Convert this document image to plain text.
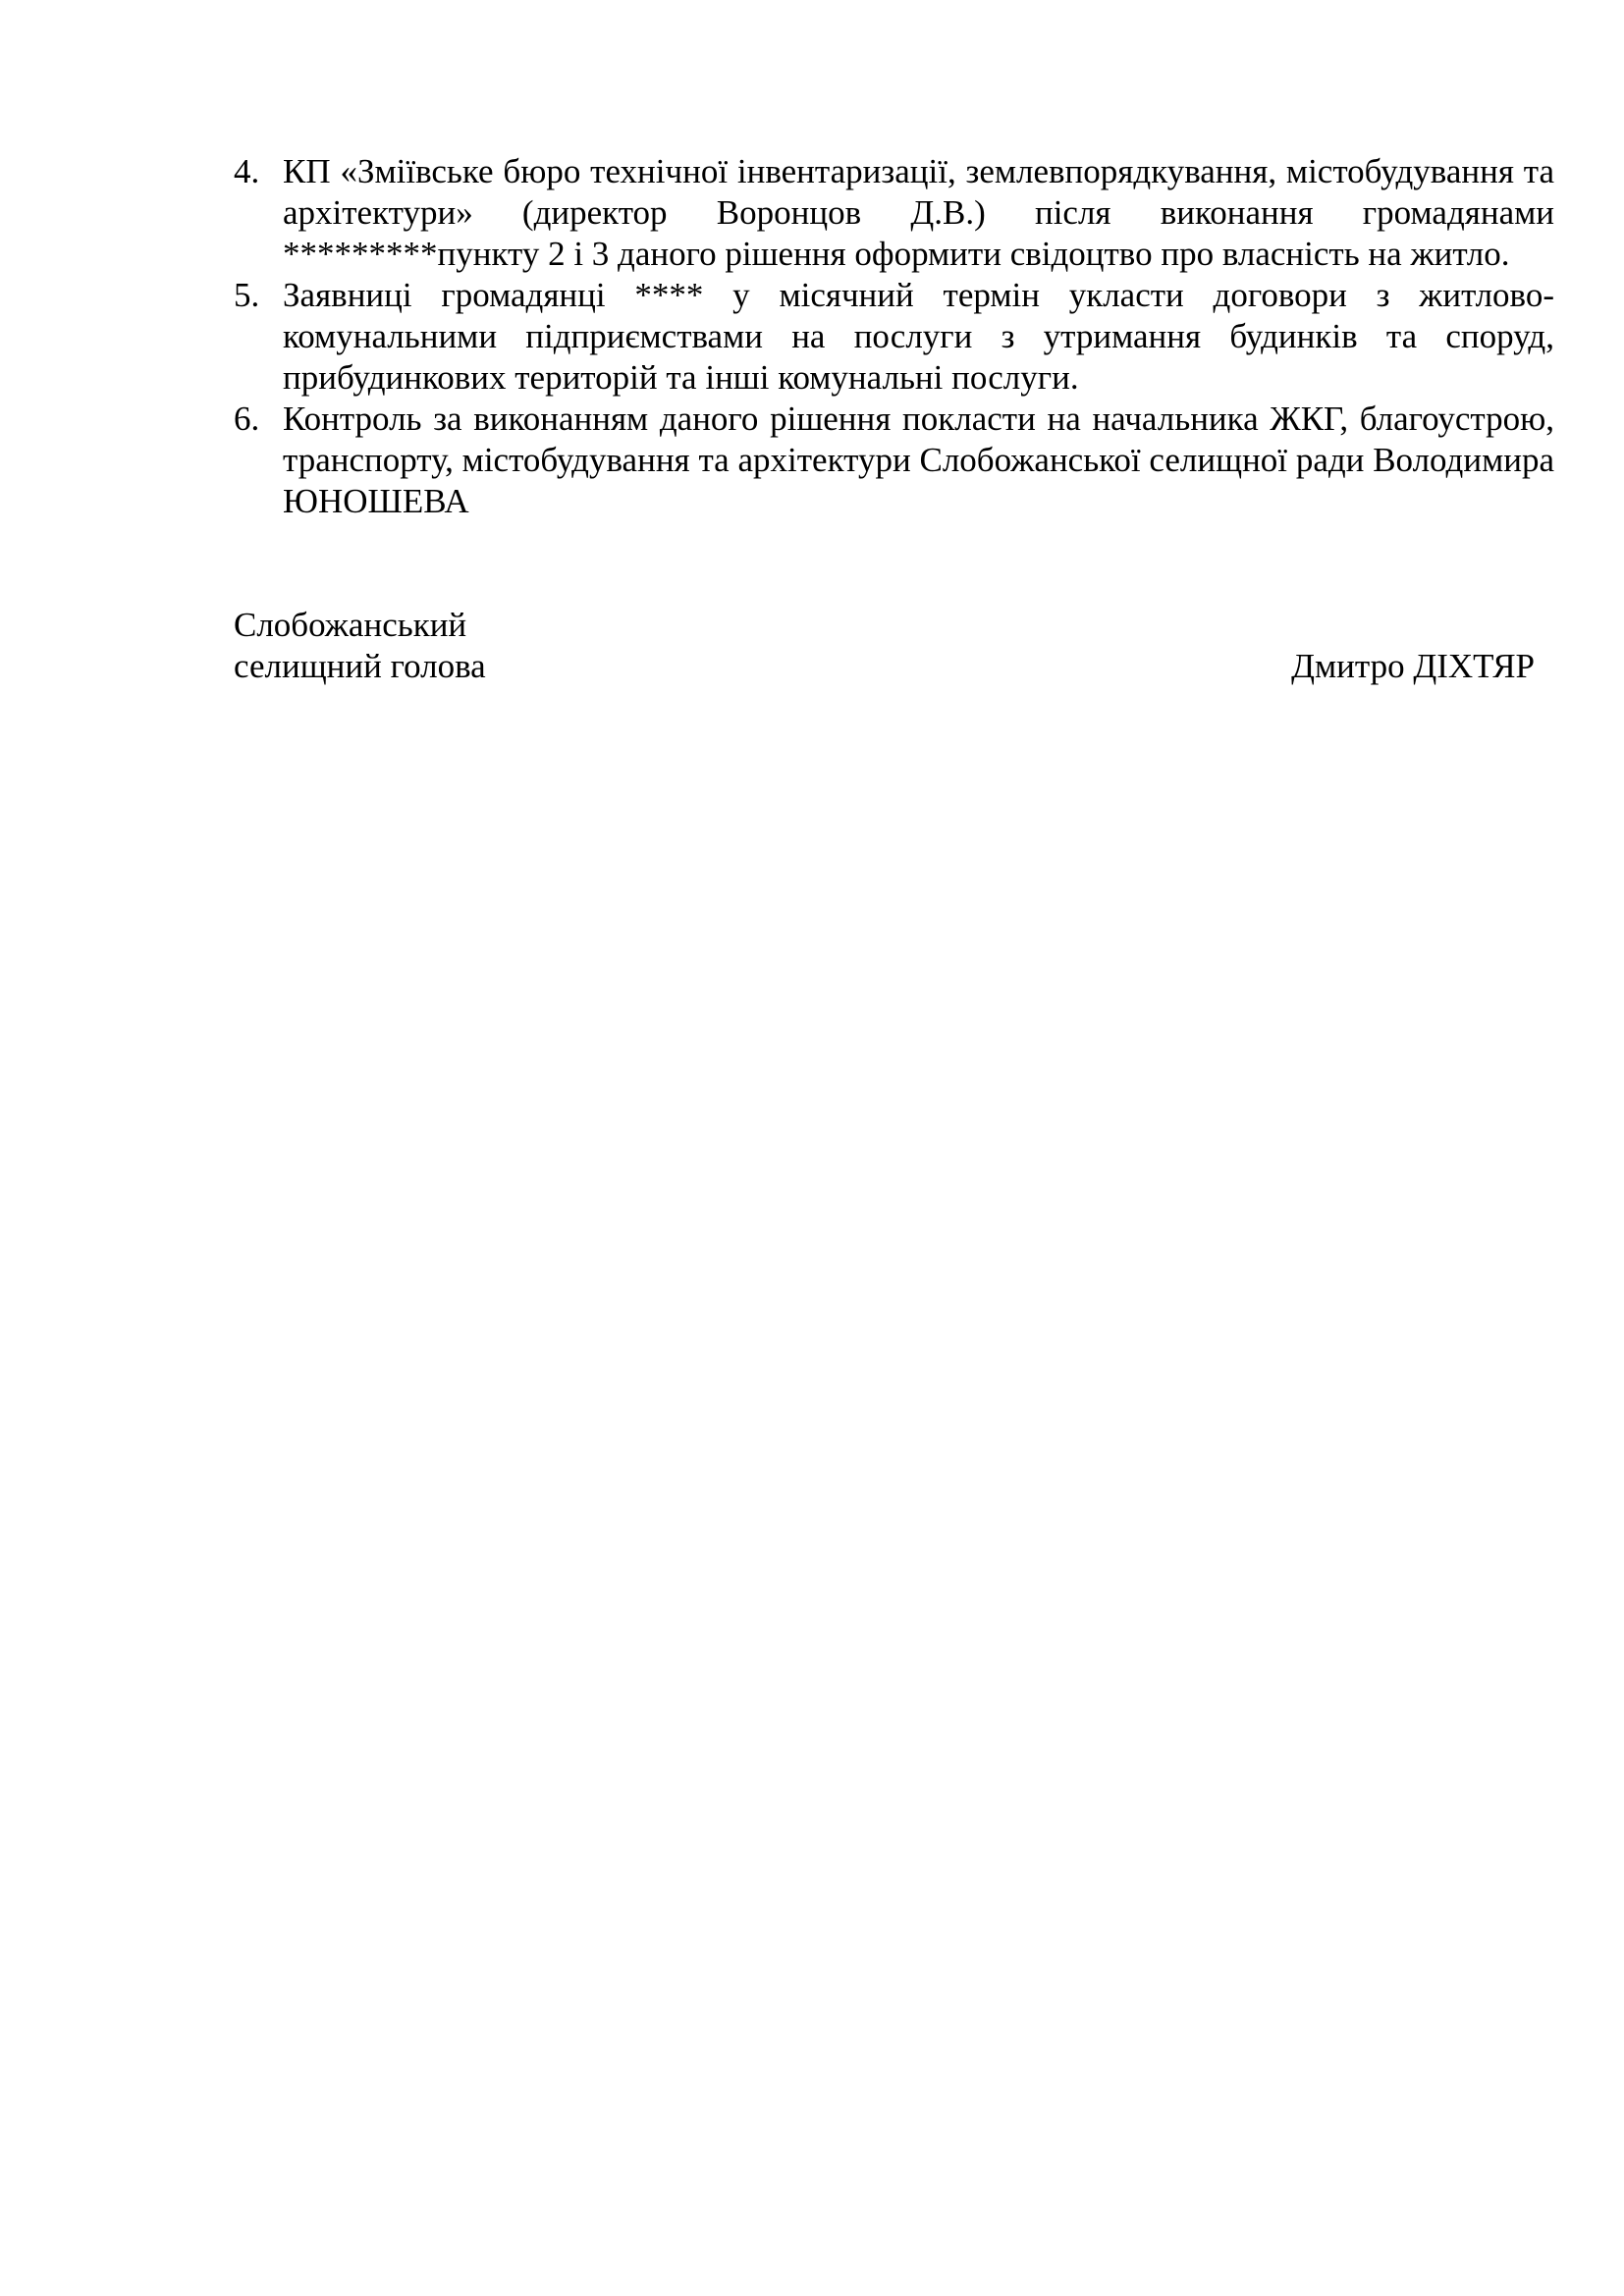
4. КП «Зміївське бюро технічної інвентаризації, землевпорядкування, містобудування та архітектури» (директор Воронцов Д.В.) після виконання громадянами *********пункту 2 і 3 даного рішення оформити свідоцтво про власність на житло.
5. Заявниці громадянці **** у місячний термін укласти договори з житлово-комунальними підприємствами на послуги з утримання будинків та споруд, прибудинкових територій та інші комунальні послуги.
6. Контроль за виконанням даного рішення покласти на начальника ЖКГ, благоустрою, транспорту, містобудування та архітектури Слобожанської селищної ради Володимира ЮНОШЕВА
Слобожанський
селищний голова	Дмитро ДІХТЯР
